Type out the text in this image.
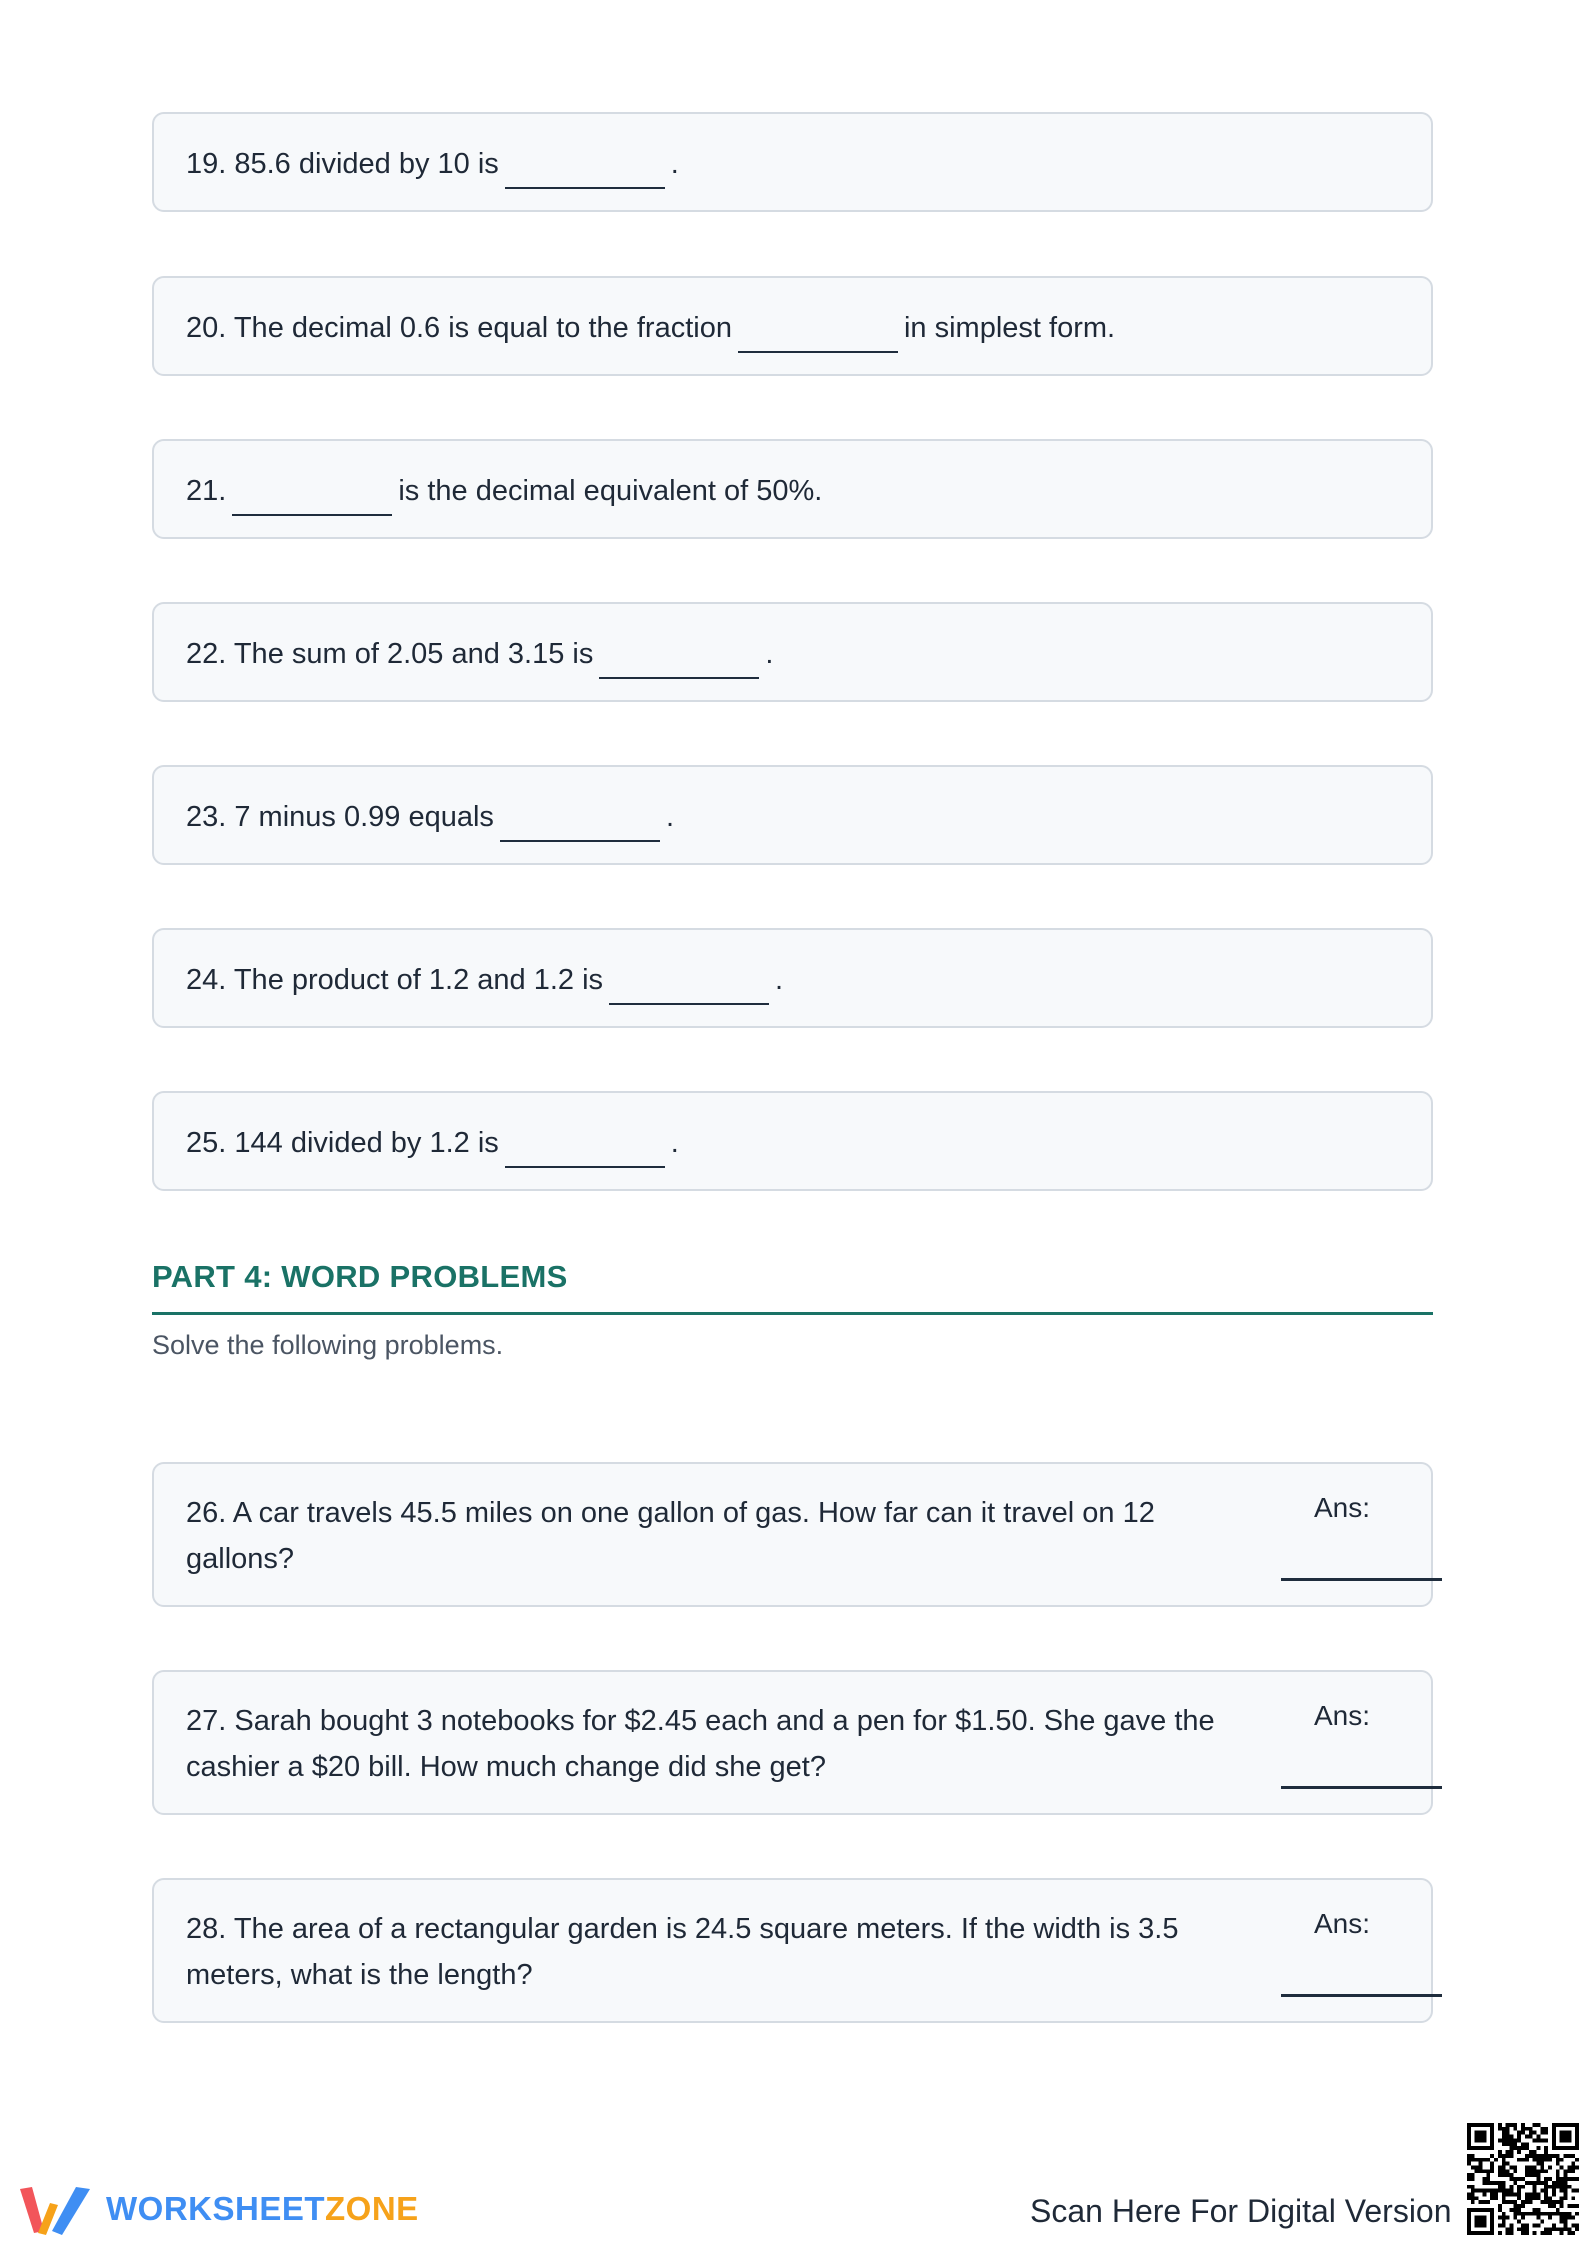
19. 85.6 divided by 10 is	.
20. The decimal 0.6 is equal to the fraction	in simplest form.
21.	is the decimal equivalent of 50%.
22. The sum of 2.05 and 3.15 is	.
23. 7 minus 0.99 equals	.
24. The product of 1.2 and 1.2 is	.
25. 144 divided by 1.2 is	.
PART 4: WORD PROBLEMS
Solve the following problems.
26. A car travels 45.5 miles on one gallon of gas. How far can it travel on 12 gallons?
Ans:
27. Sarah bought 3 notebooks for $2.45 each and a pen for $1.50. She gave the cashier a $20 bill. How much change did she get?
Ans:
28. The area of a rectangular garden is 24.5 square meters. If the width is 3.5 meters, what is the length?
Ans:
WORKSHEETZONE	Scan Here For Digital Version
